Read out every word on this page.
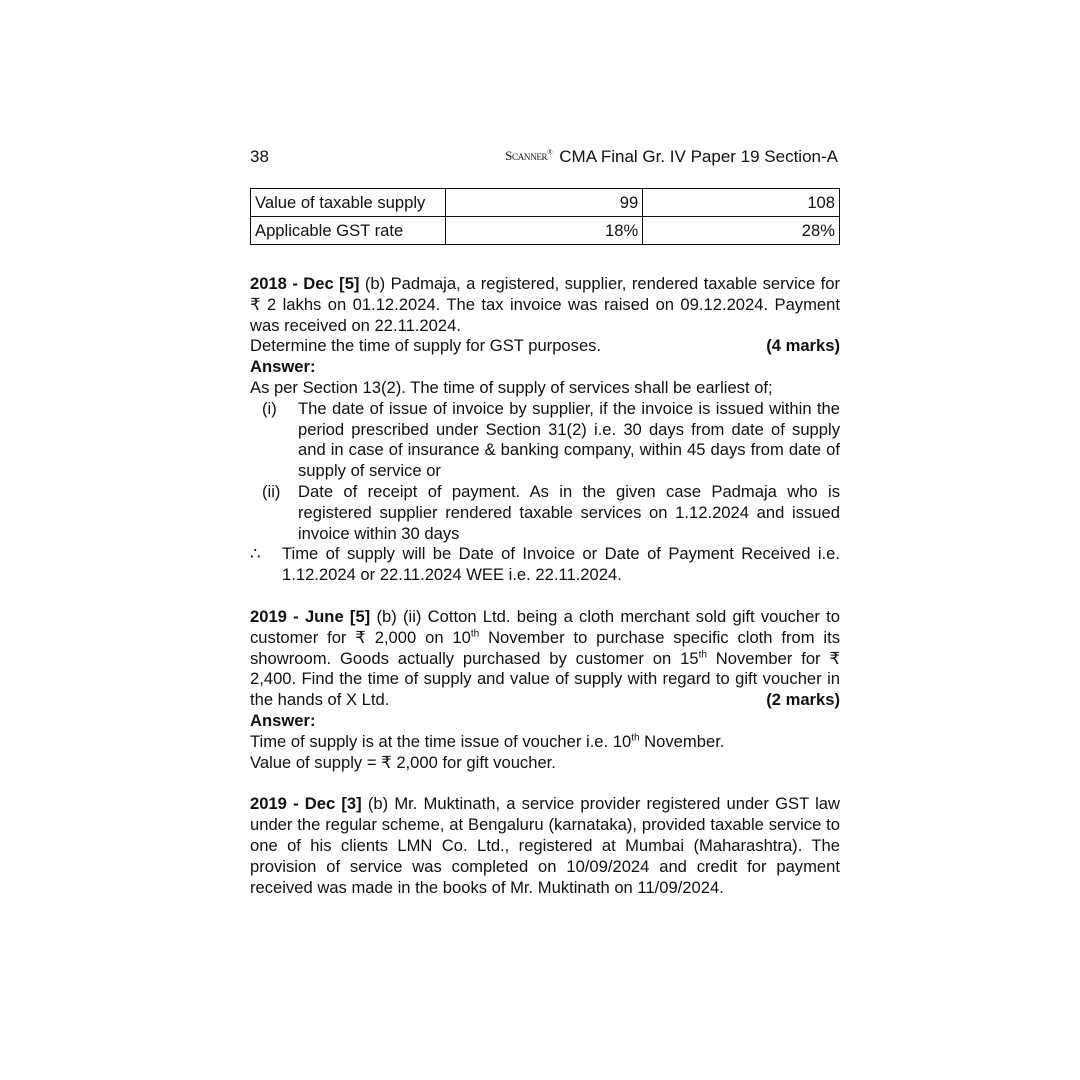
38	SCANNER® CMA Final Gr. IV Paper 19 Section-A
Value of taxable supply	99	108
Applicable GST rate	18%	28%

2018 - Dec [5] (b) Padmaja, a registered, supplier, rendered taxable service for ₹ 2 lakhs on 01.12.2024. The tax invoice was raised on 09.12.2024. Payment was received on 22.11.2024.

Determine the time of supply for GST purposes.	(4 marks)
Answer:

As per Section 13(2). The time of supply of services shall be earliest of;

(i)	The date of issue of invoice by supplier, if the invoice is issued within the period prescribed under Section 31(2) i.e. 30 days from date of supply and in case of insurance & banking company, within 45 days from date of supply of service or
(ii)	Date of receipt of payment. As in the given case Padmaja who is registered supplier rendered taxable services on 1.12.2024 and issued invoice within 30 days
∴	Time of supply will be Date of Invoice or Date of Payment Received i.e. 1.12.2024 or 22.11.2024 WEE i.e. 22.11.2024.

2019 - June [5] (b) (ii) Cotton Ltd. being a cloth merchant sold gift voucher to customer for ₹ 2,000 on 10th November to purchase specific cloth from its showroom. Goods actually purchased by customer on 15th November for ₹ 2,400. Find the time of supply and value of supply with regard to gift voucher in the hands of X Ltd.	(2 marks)
Answer:
Time of supply is at the time issue of voucher i.e. 10th November.
Value of supply = ₹ 2,000 for gift voucher.

2019 - Dec [3] (b) Mr. Muktinath, a service provider registered under GST law under the regular scheme, at Bengaluru (karnataka), provided taxable service to one of his clients LMN Co. Ltd., registered at Mumbai (Maharashtra). The provision of service was completed on 10/09/2024 and credit for payment received was made in the books of Mr. Muktinath on 11/09/2024.
